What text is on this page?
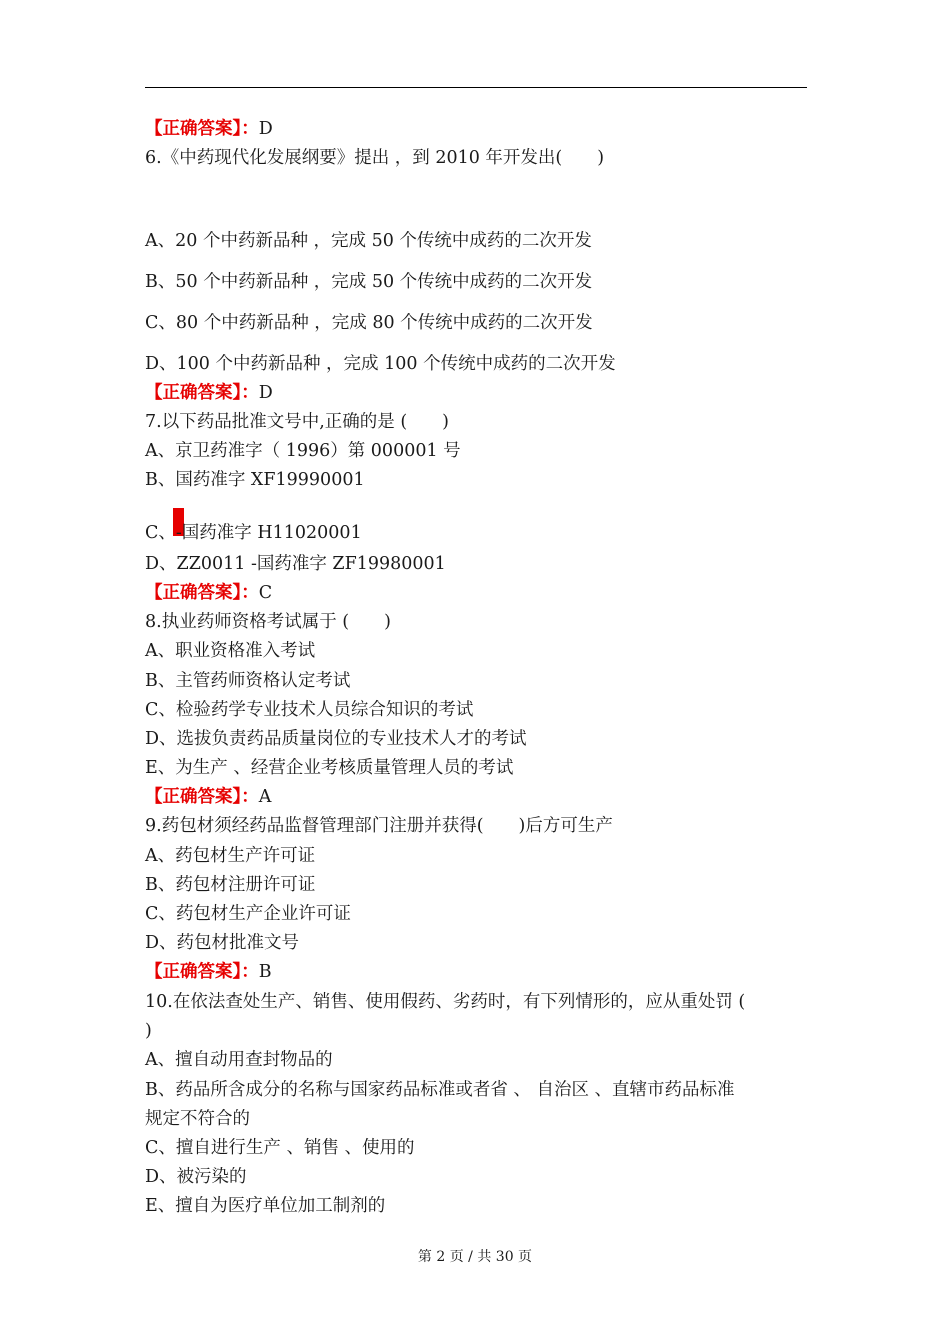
【正确答案】：D
6.《中药现代化发展纲要》提出 ，到 2010 年开发出(　　)
A、20 个中药新品种 ，完成 50 个传统中成药的二次开发
B、50 个中药新品种 ，完成 50 个传统中成药的二次开发
C、80 个中药新品种 ，完成 80 个传统中成药的二次开发
D、100 个中药新品种 ，完成 100 个传统中成药的二次开发
【正确答案】：D
7.以下药品批准文号中,正确的是 (　　)
A、京卫药准字（ 1996）第 000001 号
B、国药准字 XF19990001
C、-国药准字 H11020001
D、ZZ0011 -国药准字 ZF19980001
【正确答案】：C
8.执业药师资格考试属于 (　　)
A、职业资格准入考试
B、主管药师资格认定考试
C、检验药学专业技术人员综合知识的考试
D、选拔负责药品质量岗位的专业技术人才的考试
E、为生产 、经营企业考核质量管理人员的考试
【正确答案】：A
9.药包材须经药品监督管理部门注册并获得(　　)后方可生产
A、药包材生产许可证
B、药包材注册许可证
C、药包材生产企业许可证
D、药包材批准文号
【正确答案】：B
10.在依法查处生产、销售、使用假药、劣药时，有下列情形的，应从重处罚 (
)
A、擅自动用查封物品的
B、药品所含成分的名称与国家药品标准或者省 、 自治区 、直辖市药品标准
规定不符合的
C、擅自进行生产 、销售 、使用的
D、被污染的
E、擅自为医疗单位加工制剂的
第 2 页 / 共 30 页
